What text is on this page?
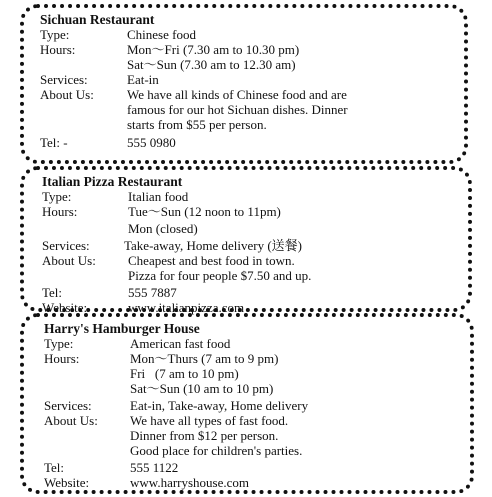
Sichuan Restaurant
Type:	Chinese food
Hours:	Mon～Fri (7.30 am to 10.30 pm)
Sat～Sun (7.30 am to 12.30 am)
Services:	Eat-in
About Us:	We have all kinds of Chinese food and are
famous for our hot Sichuan dishes. Dinner
starts from $55 per person.
Tel: -	555 0980
Italian Pizza Restaurant
Type:	Italian food
Hours:	Tue～Sun (12 noon to 11pm)
Mon (closed)
Services:	Take-away, Home delivery (送餐)
About Us:	Cheapest and best food in town.
Pizza for four people $7.50 and up.
Tel:	555 7887
Website:	www.italianpizza.com
Harry's Hamburger House
Type:	American fast food
Hours:	Mon～Thurs (7 am to 9 pm)
Fri   (7 am to 10 pm)
Sat～Sun (10 am to 10 pm)
Services:	Eat-in, Take-away, Home delivery
About Us:	We have all types of fast food.
Dinner from $12 per person.
Good place for children's parties.
Tel:	555 1122
Website:	www.harryshouse.com
